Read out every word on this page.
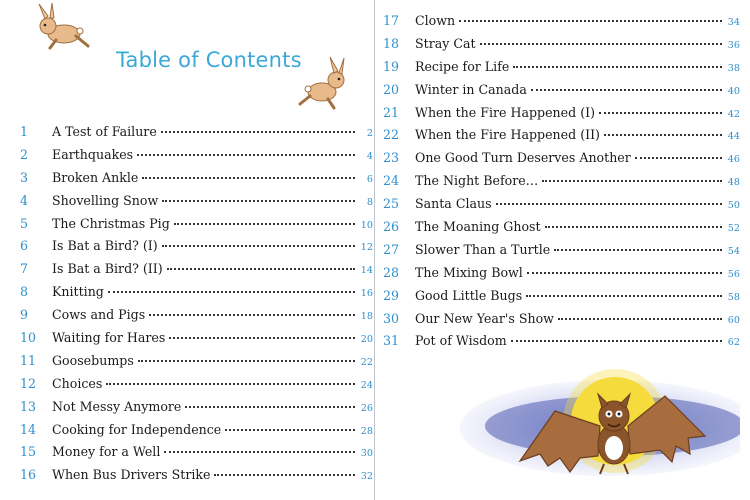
Table of Contents
1	A Test of Failure	2
2	Earthquakes	4
3	Broken Ankle	6
4	Shovelling Snow	8
5	The Christmas Pig	10
6	Is Bat a Bird? (I)	12
7	Is Bat a Bird? (II)	14
8	Knitting	16
9	Cows and Pigs	18
10	Waiting for Hares	20
11	Goosebumps	22
12	Choices	24
13	Not Messy Anymore	26
14	Cooking for Independence	28
15	Money for a Well	30
16	When Bus Drivers Strike	32
17	Clown	34
18	Stray Cat	36
19	Recipe for Life	38
20	Winter in Canada	40
21	When the Fire Happened (I)	42
22	When the Fire Happened (II)	44
23	One Good Turn Deserves Another	46
24	The Night Before…	48
25	Santa Claus	50
26	The Moaning Ghost	52
27	Slower Than a Turtle	54
28	The Mixing Bowl	56
29	Good Little Bugs	58
30	Our New Year's Show	60
31	Pot of Wisdom	62
